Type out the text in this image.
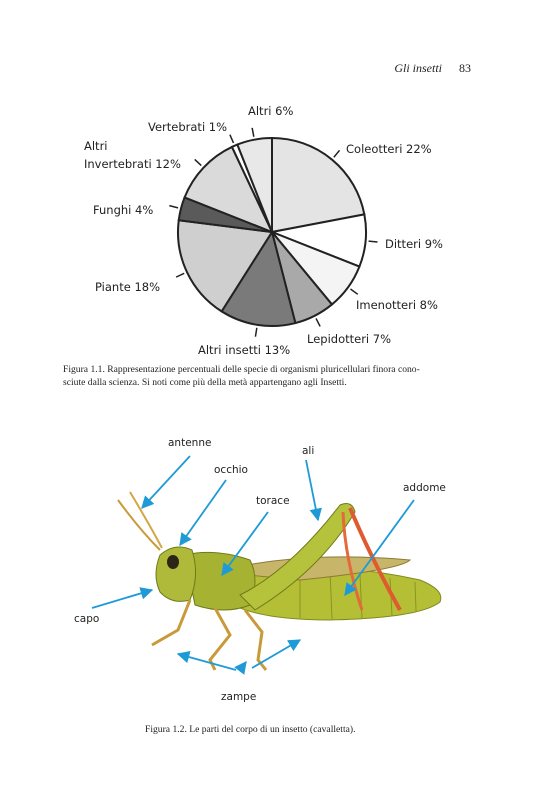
Gli insetti 83
Altri 6%
Vertebrati 1%
Coleotteri 22%
Altri
Invertebrati 12%
Funghi 4%
Ditteri 9%
Piante 18%
Imenotteri 8%
Lepidotteri 7%
Altri insetti 13%
Figura 1.1. Rappresentazione percentuali delle specie di organismi pluricellulari finora cono-
sciute dalla scienza. Si noti come più della metà appartengano agli Insetti.
antenne
occhio
ali
torace
addome
capo
zampe
Figura 1.2. Le parti del corpo di un insetto (cavalletta).
